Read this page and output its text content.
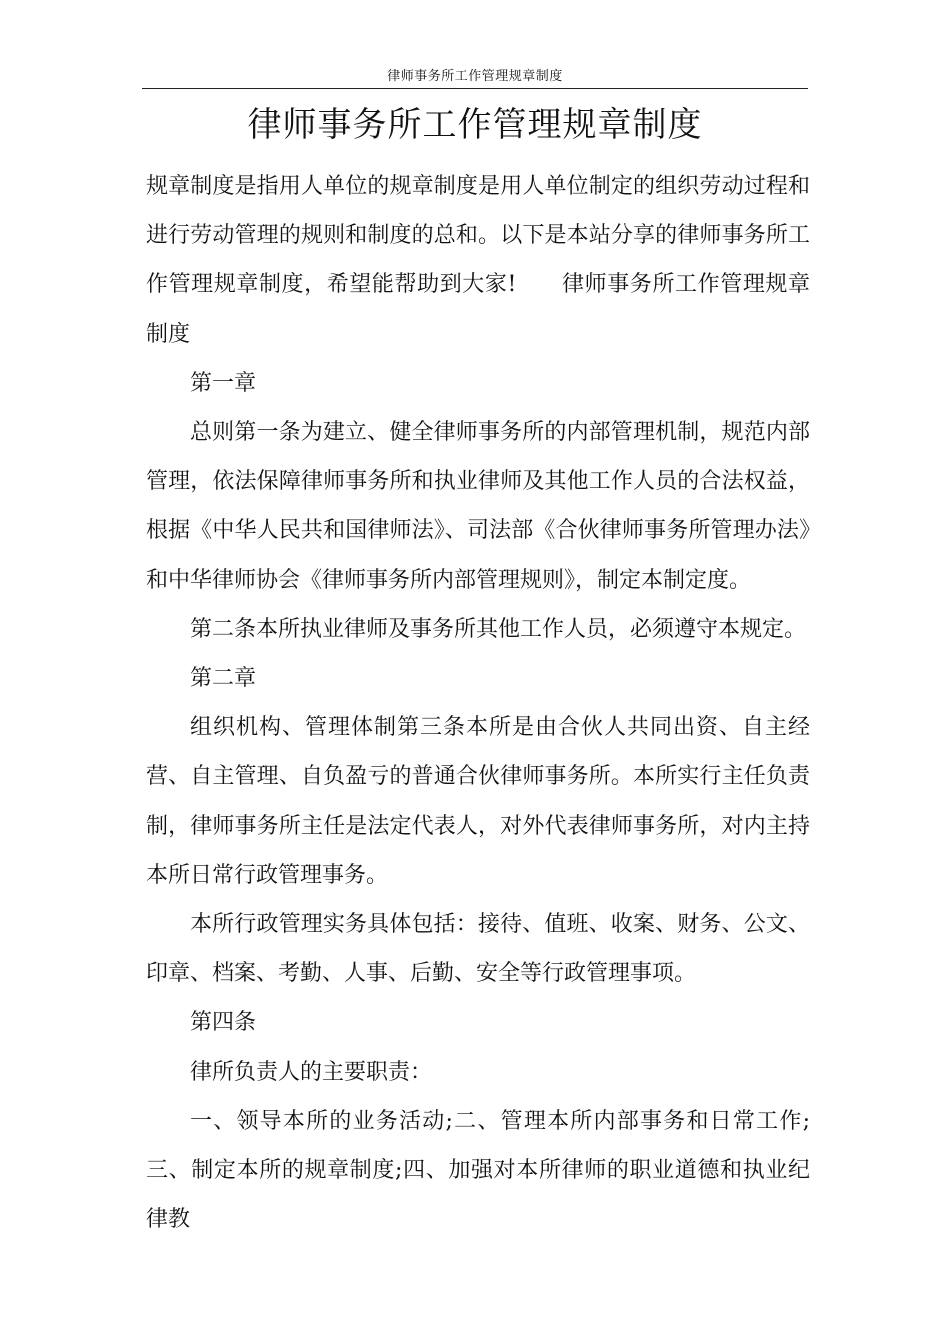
律师事务所工作管理规章制度
律师事务所工作管理规章制度

规章制度是指用人单位的规章制度是用人单位制定的组织劳动过程和进行劳动管理的规则和制度的总和。以下是本站分享的律师事务所工作管理规章制度，希望能帮助到大家!　　律师事务所工作管理规章制度

第一章

总则第一条为建立、健全律师事务所的内部管理机制，规范内部管理，依法保障律师事务所和执业律师及其他工作人员的合法权益，根据《中华人民共和国律师法》、司法部《合伙律师事务所管理办法》和中华律师协会《律师事务所内部管理规则》，制定本制定度。

第二条本所执业律师及事务所其他工作人员，必须遵守本规定。

第二章

组织机构、管理体制第三条本所是由合伙人共同出资、自主经营、自主管理、自负盈亏的普通合伙律师事务所。本所实行主任负责制，律师事务所主任是法定代表人，对外代表律师事务所，对内主持本所日常行政管理事务。

本所行政管理实务具体包括：接待、值班、收案、财务、公文、印章、档案、考勤、人事、后勤、安全等行政管理事项。

第四条

律所负责人的主要职责：

一、领导本所的业务活动;二、管理本所内部事务和日常工作;三、制定本所的规章制度;四、加强对本所律师的职业道德和执业纪律教
